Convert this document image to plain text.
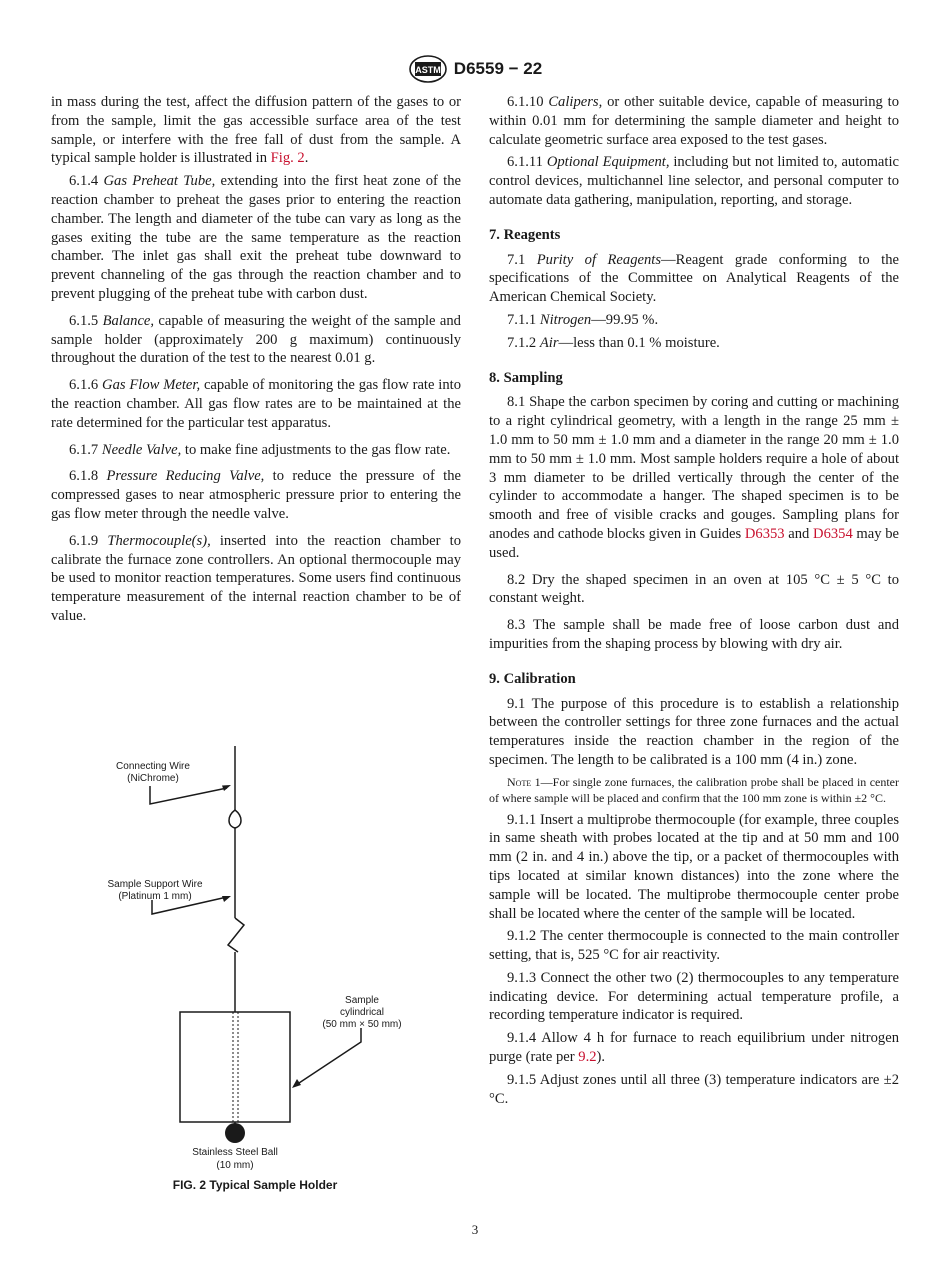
ASTM D6559 − 22

in mass during the test, affect the diffusion pattern of the gases to or from the sample, limit the gas accessible surface area of the test sample, or interfere with the free fall of dust from the sample. A typical sample holder is illustrated in Fig. 2.

6.1.4 Gas Preheat Tube, extending into the first heat zone of the reaction chamber to preheat the gases prior to entering the reaction chamber. The length and diameter of the tube can vary as long as the gases exiting the tube are the same temperature as the reaction chamber. The inlet gas shall exit the preheat tube downward to prevent channeling of the gas through the reaction chamber and to prevent plugging of the preheat tube with carbon dust.

6.1.5 Balance, capable of measuring the weight of the sample and sample holder (approximately 200 g maximum) continuously throughout the duration of the test to the nearest 0.01 g.

6.1.6 Gas Flow Meter, capable of monitoring the gas flow rate into the reaction chamber. All gas flow rates are to be maintained at the rate determined for the particular test apparatus.

6.1.7 Needle Valve, to make fine adjustments to the gas flow rate.

6.1.8 Pressure Reducing Valve, to reduce the pressure of the compressed gases to near atmospheric pressure prior to entering the gas flow meter through the needle valve.

6.1.9 Thermocouple(s), inserted into the reaction chamber to calibrate the furnace zone controllers. An optional thermocouple may be used to monitor reaction temperatures. Some users find continuous temperature measurement of the internal reaction chamber to be of value.

Connecting Wire
(NiChrome)
Sample Support Wire
(Platinum 1 mm)
Sample
cylindrical
(50 mm × 50 mm)
Stainless Steel Ball
(10 mm)
FIG. 2 Typical Sample Holder

6.1.10 Calipers, or other suitable device, capable of measuring to within 0.01 mm for determining the sample diameter and height to calculate geometric surface area exposed to the test gases.

6.1.11 Optional Equipment, including but not limited to, automatic control devices, multichannel line selector, and personal computer to automate data gathering, manipulation, reporting, and storage.

7. Reagents

7.1 Purity of Reagents—Reagent grade conforming to the specifications of the Committee on Analytical Reagents of the American Chemical Society.

7.1.1 Nitrogen—99.95 %.

7.1.2 Air—less than 0.1 % moisture.

8. Sampling

8.1 Shape the carbon specimen by coring and cutting or machining to a right cylindrical geometry, with a length in the range 25 mm ± 1.0 mm to 50 mm ± 1.0 mm and a diameter in the range 20 mm ± 1.0 mm to 50 mm ± 1.0 mm. Most sample holders require a hole of about 3 mm diameter to be drilled vertically through the center of the cylinder to accommodate a hanger. The shaped specimen is to be smooth and free of visible cracks and gouges. Sampling plans for anodes and cathode blocks given in Guides D6353 and D6354 may be used.

8.2 Dry the shaped specimen in an oven at 105 °C ± 5 °C to constant weight.

8.3 The sample shall be made free of loose carbon dust and impurities from the shaping process by blowing with dry air.

9. Calibration

9.1 The purpose of this procedure is to establish a relationship between the controller settings for three zone furnaces and the actual temperatures inside the reaction chamber in the region of the specimen. The length to be calibrated is a 100 mm (4 in.) zone.

Note 1—For single zone furnaces, the calibration probe shall be placed in center of where sample will be placed and confirm that the 100 mm zone is within ±2 °C.

9.1.1 Insert a multiprobe thermocouple (for example, three couples in same sheath with probes located at the tip and at 50 mm and 100 mm (2 in. and 4 in.) above the tip, or a packet of thermocouples with tips located at similar known distances) into the zone where the sample will be located. The multiprobe thermocouple center probe shall be located where the center of the sample will be located.

9.1.2 The center thermocouple is connected to the main controller setting, that is, 525 °C for air reactivity.

9.1.3 Connect the other two (2) thermocouples to any temperature indicating device. For determining actual temperature profile, a recording temperature indicator is required.

9.1.4 Allow 4 h for furnace to reach equilibrium under nitrogen purge (rate per 9.2).

9.1.5 Adjust zones until all three (3) temperature indicators are ±2 °C.

3
